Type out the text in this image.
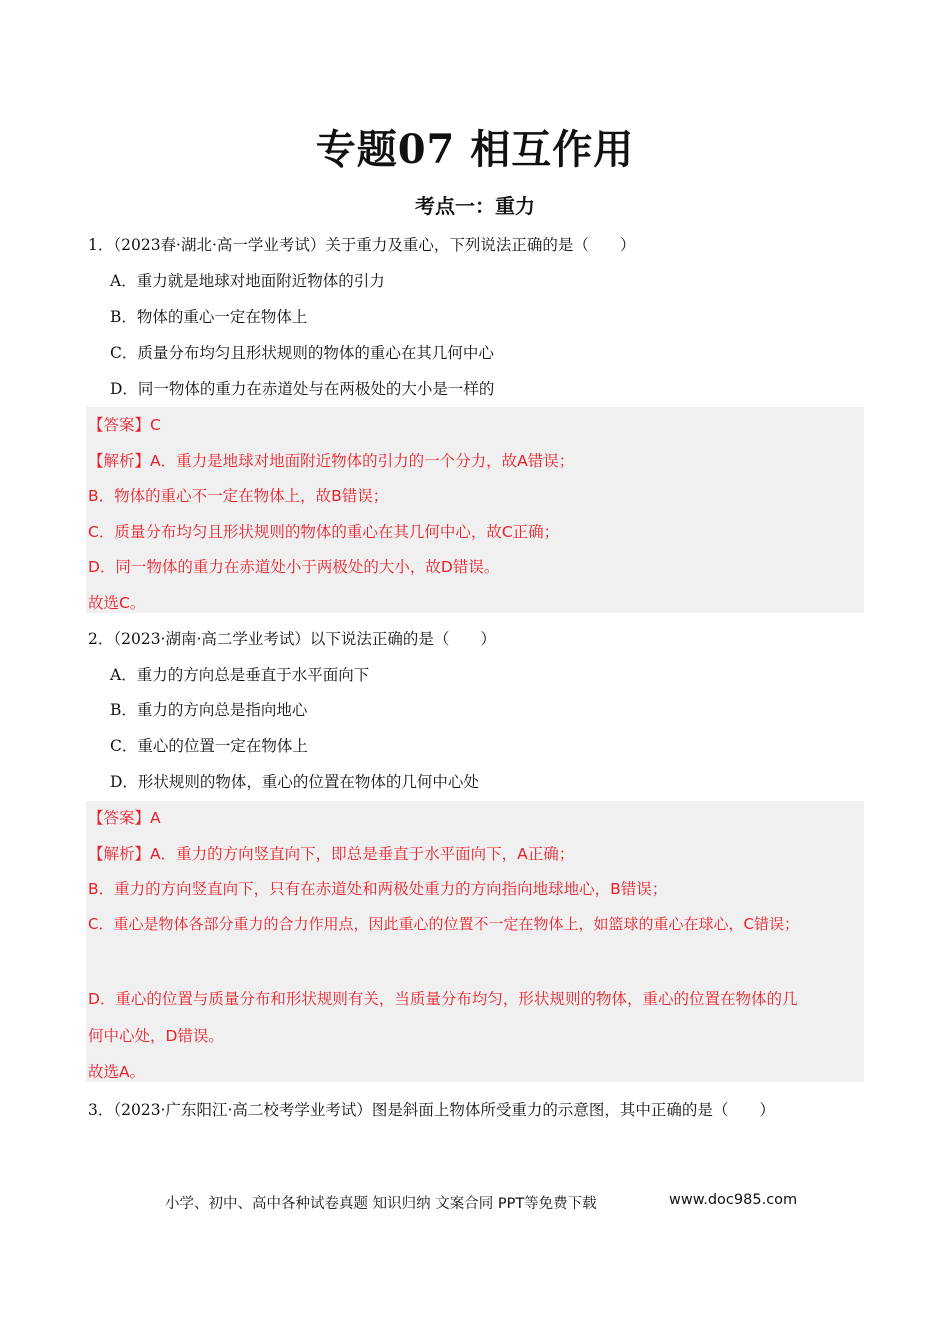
专题07 相互作用
考点一：重力
1．（2023春·湖北·高一学业考试）关于重力及重心，下列说法正确的是（　　）
A．重力就是地球对地面附近物体的引力
B．物体的重心一定在物体上
C．质量分布均匀且形状规则的物体的重心在其几何中心
D．同一物体的重力在赤道处与在两极处的大小是一样的
【答案】C
【解析】A．重力是地球对地面附近物体的引力的一个分力，故A错误；
B．物体的重心不一定在物体上，故B错误；
C．质量分布均匀且形状规则的物体的重心在其几何中心，故C正确；
D．同一物体的重力在赤道处小于两极处的大小，故D错误。
故选C。
2．（2023·湖南·高二学业考试）以下说法正确的是（　　）
A．重力的方向总是垂直于水平面向下
B．重力的方向总是指向地心
C．重心的位置一定在物体上
D．形状规则的物体，重心的位置在物体的几何中心处
【答案】A
【解析】A．重力的方向竖直向下，即总是垂直于水平面向下，A正确；
B．重力的方向竖直向下，只有在赤道处和两极处重力的方向指向地球地心，B错误；
C．重心是物体各部分重力的合力作用点，因此重心的位置不一定在物体上，如篮球的重心在球心，C错误；
D．重心的位置与质量分布和形状规则有关，当质量分布均匀，形状规则的物体，重心的位置在物体的几
何中心处，D错误。
故选A。
3．（2023·广东阳江·高二校考学业考试）图是斜面上物体所受重力的示意图，其中正确的是（　　）
小学、初中、高中各种试卷真题 知识归纳 文案合同 PPT等免费下载	www.doc985.com
